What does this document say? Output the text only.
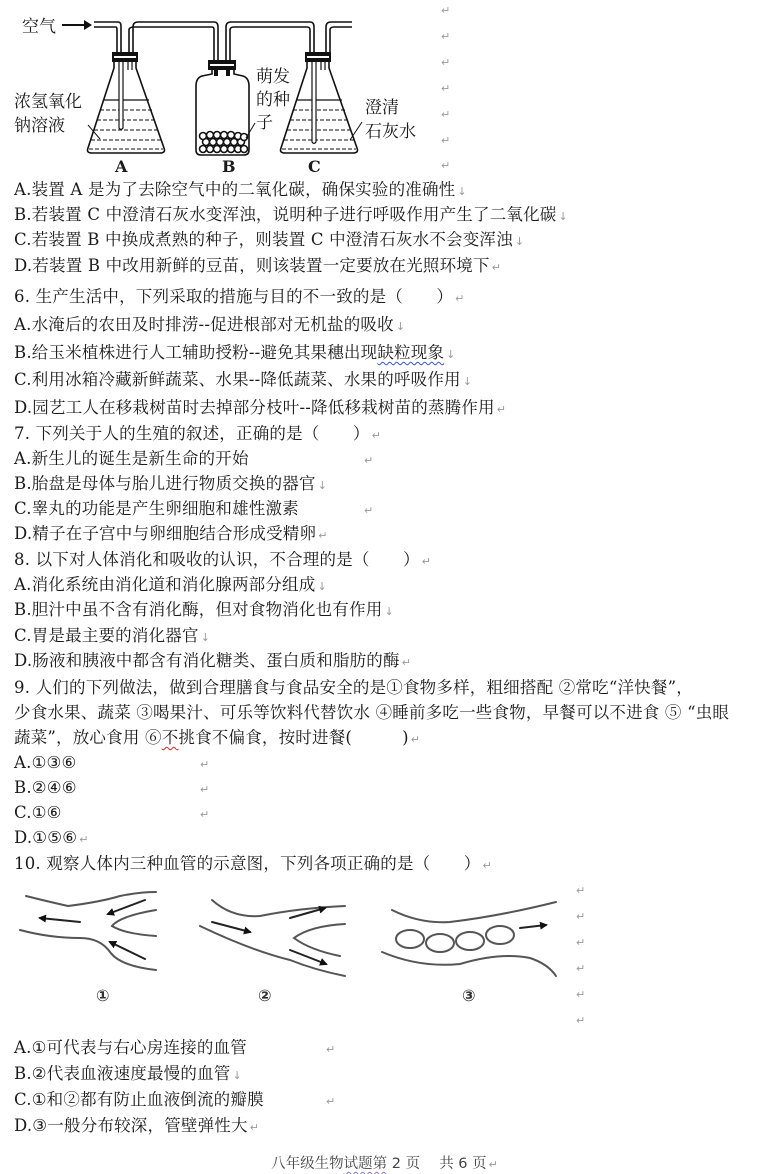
空气
浓氢氧化
钠溶液
萌发
的种
子
澄清
石灰水
A	B	C
↵
↵
↵
↵
↵
↵
↵
A.装置 A 是为了去除空气中的二氧化碳，确保实验的准确性 ↓
B.若装置 C 中澄清石灰水变浑浊，说明种子进行呼吸作用产生了二氧化碳 ↓
C.若装置 B 中换成煮熟的种子，则装置 C 中澄清石灰水不会变浑浊 ↓
D.若装置 B 中改用新鲜的豆苗，则该装置一定要放在光照环境下 ↵
6. 生产生活中，下列采取的措施与目的不一致的是（　　） ↵
A.水淹后的农田及时排涝--促进根部对无机盐的吸收 ↓
B.给玉米植株进行人工辅助授粉--避免其果穗出现缺粒现象 ↓
C.利用冰箱冷藏新鲜蔬菜、水果--降低蔬菜、水果的呼吸作用 ↓
D.园艺工人在移栽树苗时去掉部分枝叶--降低移栽树苗的蒸腾作用 ↵
7. 下列关于人的生殖的叙述，正确的是（　　） ↵
A.新生儿的诞生是新生命的开始	↵
B.胎盘是母体与胎儿进行物质交换的器官 ↓
C.睾丸的功能是产生卵细胞和雄性激素	↵
D.精子在子宫中与卵细胞结合形成受精卵 ↵
8. 以下对人体消化和吸收的认识，不合理的是（　　） ↵
A.消化系统由消化道和消化腺两部分组成 ↓
B.胆汁中虽不含有消化酶，但对食物消化也有作用 ↓
C.胃是最主要的消化器官 ↓
D.肠液和胰液中都含有消化糖类、蛋白质和脂肪的酶 ↵
9. 人们的下列做法，做到合理膳食与食品安全的是①食物多样，粗细搭配 ②常吃“洋快餐”，
少食水果、蔬菜 ③喝果汁、可乐等饮料代替饮水 ④睡前多吃一些食物，早餐可以不进食 ⑤ “虫眼
蔬菜”，放心食用 ⑥不挑食不偏食，按时进餐(　　　) ↵
A.①③⑥	↵
B.②④⑥	↵
C.①⑥	↵
D.①⑤⑥ ↵
10. 观察人体内三种血管的示意图，下列各项正确的是（　　） ↵
①	②	③
↵
↵
↵
↵
↵
↵
A.①可代表与右心房连接的血管	↵
B.②代表血液速度最慢的血管 ↓
C.①和②都有防止血液倒流的瓣膜	↵
D.③一般分布较深，管壁弹性大 ↵
八年级生物试题第 2 页　 共 6 页 ↵
